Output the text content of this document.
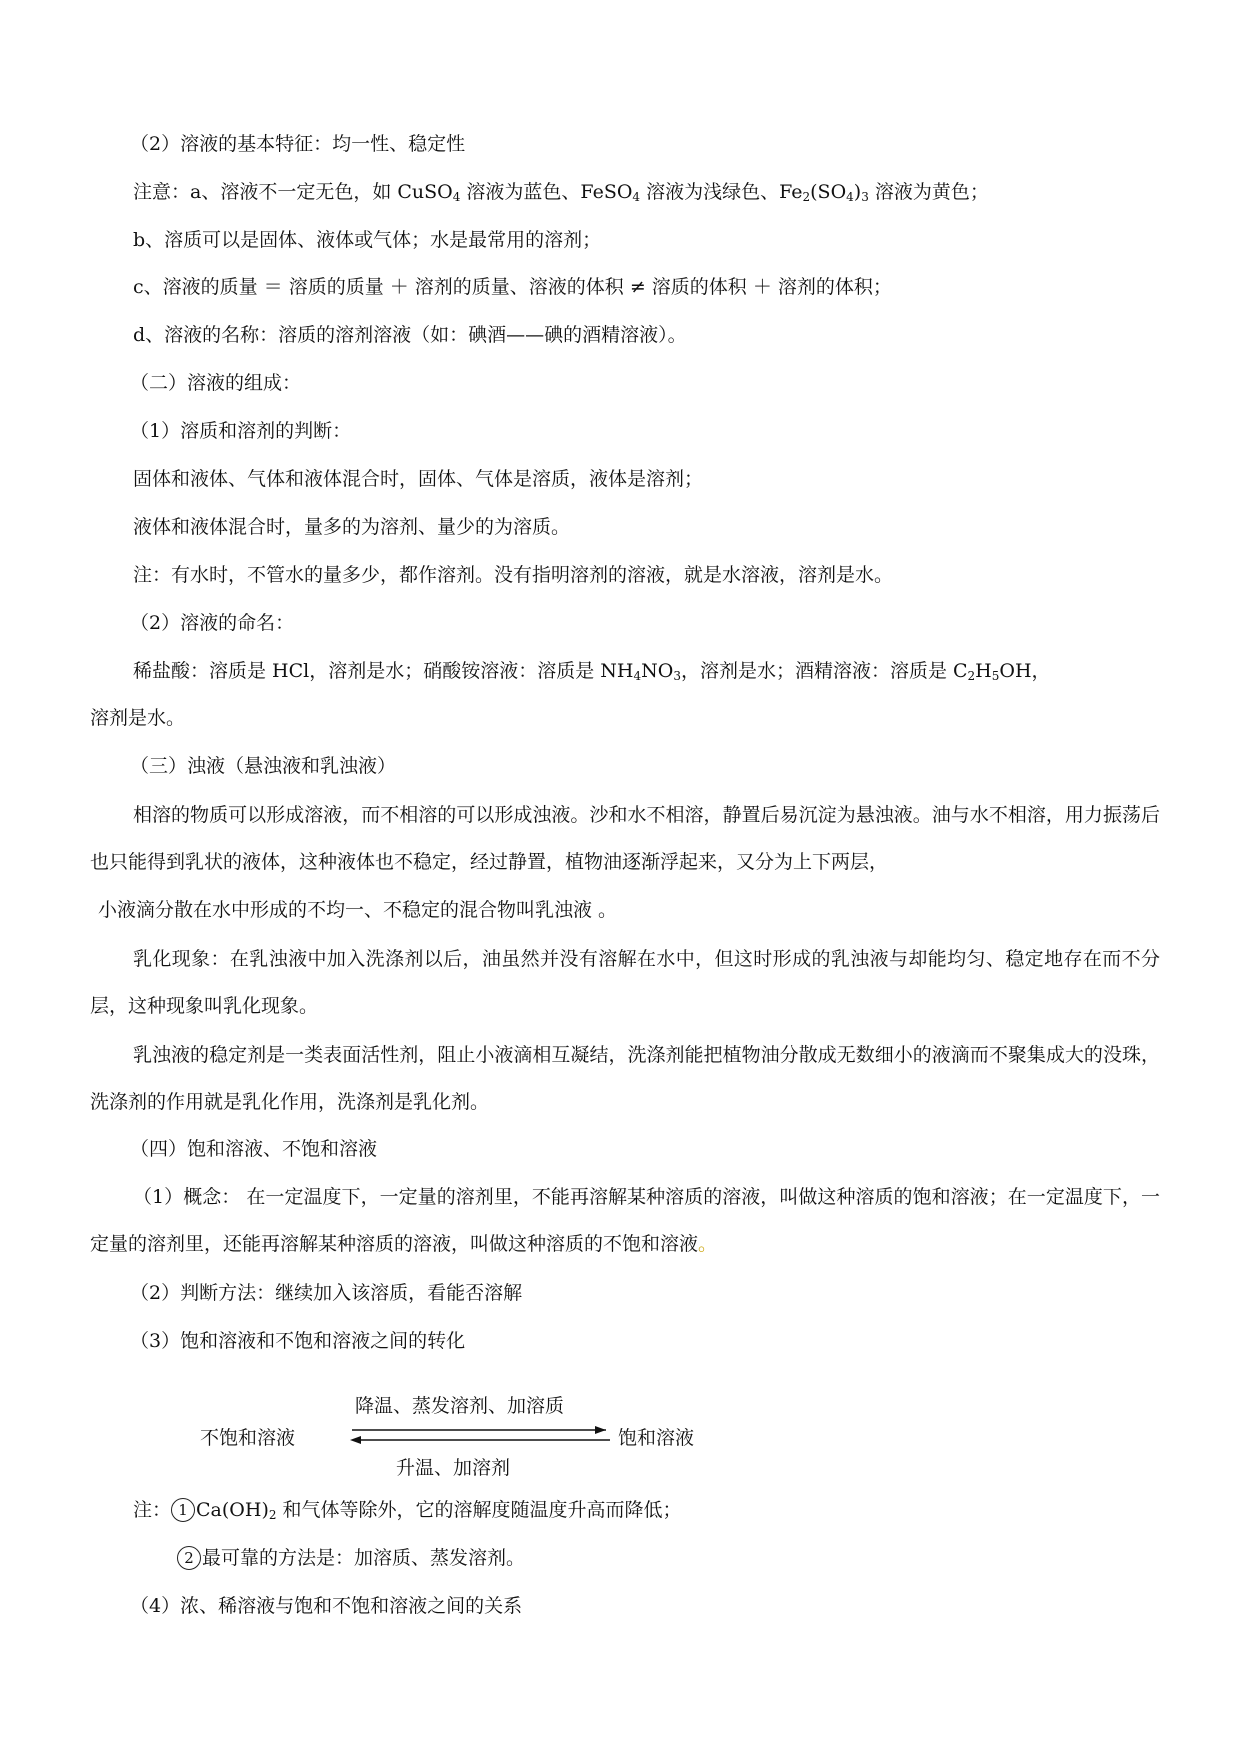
（2）溶液的基本特征：均一性、稳定性
注意：a、溶液不一定无色，如 CuSO$_4$ 溶液为蓝色、FeSO$_4$ 溶液为浅绿色、$Fe_2(SO_4)_3$ 溶液为黄色；
b、溶质可以是固体、液体或气体；水是最常用的溶剂；
c、溶液的质量 ＝ 溶质的质量 ＋ 溶剂的质量、溶液的体积 ≠ 溶质的体积 ＋ 溶剂的体积；
d、溶液的名称：溶质的溶剂溶液（如：碘酒——碘的酒精溶液）。
（二）溶液的组成：
（1）溶质和溶剂的判断：
固体和液体、气体和液体混合时，固体、气体是溶质，液体是溶剂；
液体和液体混合时，量多的为溶剂、量少的为溶质。
注：有水时，不管水的量多少，都作溶剂。没有指明溶剂的溶液，就是水溶液，溶剂是水。
（2）溶液的命名：
稀盐酸：溶质是 HCl，溶剂是水；硝酸铵溶液：溶质是 $NH_4NO_3$，溶剂是水；酒精溶液：溶质是 $C_2H_5OH$，
溶剂是水。
（三）浊液（悬浊液和乳浊液）
相溶的物质可以形成溶液，而不相溶的可以形成浊液。沙和水不相溶，静置后易沉淀为悬浊液。油与水不相溶，用力振荡后也只能得到乳状的液体，这种液体也不稳定，经过静置，植物油逐渐浮起来，又分为上下两层，
小液滴分散在水中形成的不均一、不稳定的混合物叫乳浊液 。
乳化现象：在乳浊液中加入洗涤剂以后，油虽然并没有溶解在水中，但这时形成的乳浊液与却能均匀、稳定地存在而不分层，这种现象叫乳化现象。
乳浊液的稳定剂是一类表面活性剂，阻止小液滴相互凝结，洗涤剂能把植物油分散成无数细小的液滴而不聚集成大的没珠，洗涤剂的作用就是乳化作用，洗涤剂是乳化剂。
（四）饱和溶液、不饱和溶液
（1）概念： 在一定温度下，一定量的溶剂里，不能再溶解某种溶质的溶液，叫做这种溶质的饱和溶液；在一定温度下，一定量的溶剂里，还能再溶解某种溶质的溶液，叫做这种溶质的不饱和溶液。
（2）判断方法：继续加入该溶质，看能否溶解
（3）饱和溶液和不饱和溶液之间的转化
不饱和溶液
降温、蒸发溶剂、加溶质
饱和溶液
升温、加溶剂
注： 1 $Ca(OH)_2$ 和气体等除外，它的溶解度随温度升高而降低；
2 最可靠的方法是：加溶质、蒸发溶剂。
（4）浓、稀溶液与饱和不饱和溶液之间的关系
